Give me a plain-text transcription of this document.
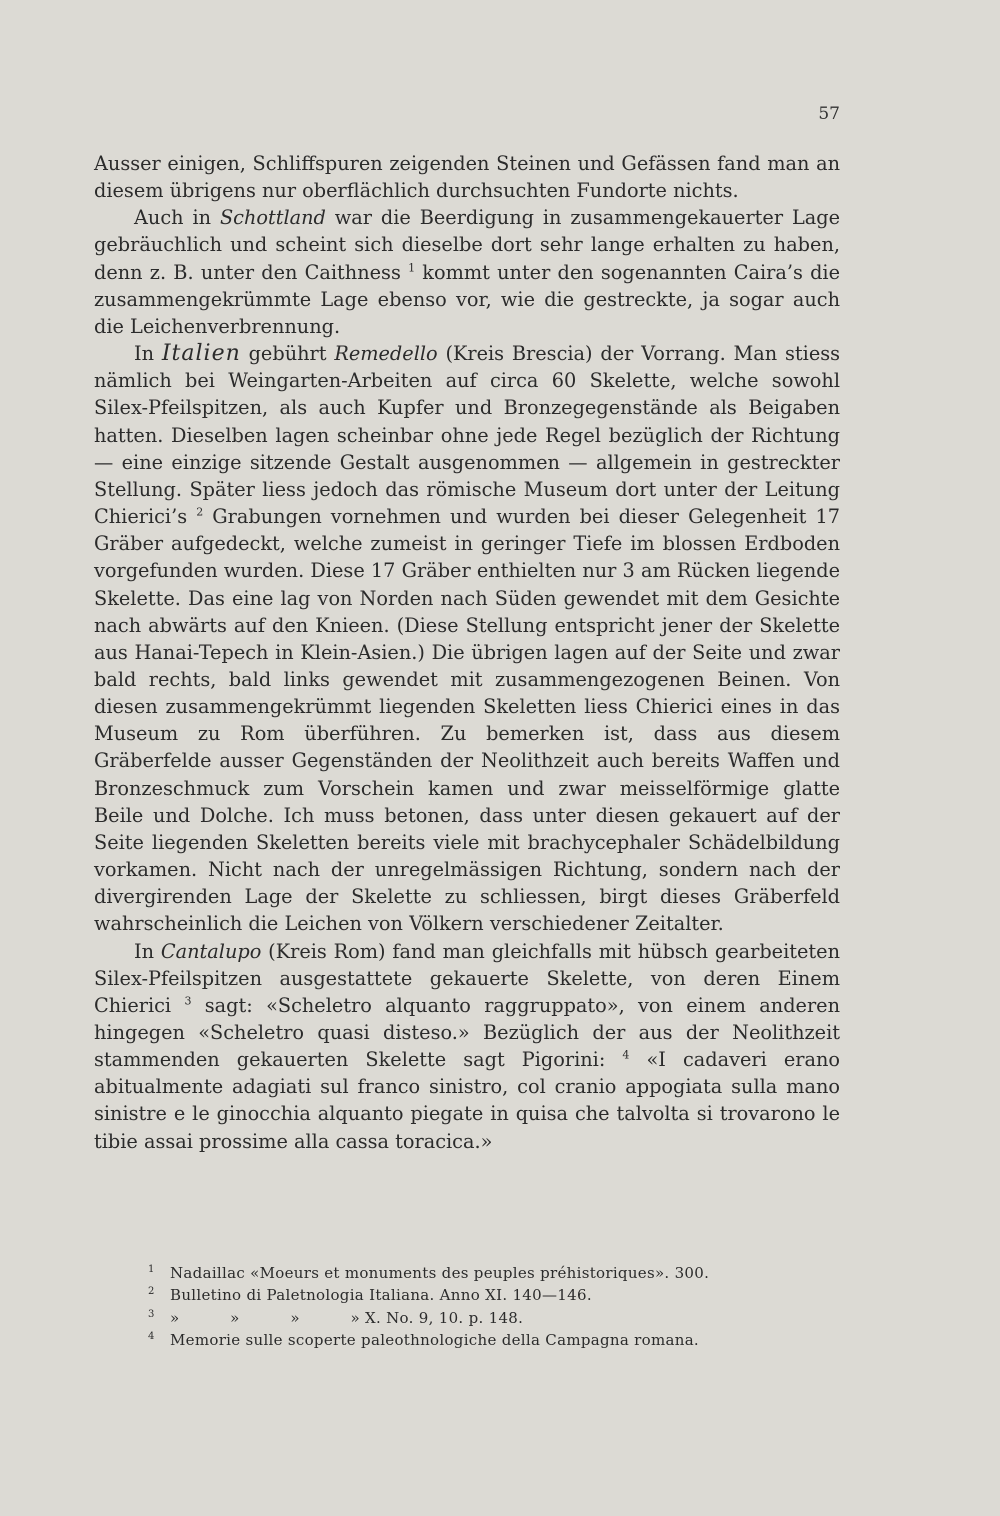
57

Ausser einigen, Schliffspuren zeigenden Steinen und Gefässen fand man an diesem übrigens nur oberflächlich durchsuchten Fundorte nichts.

Auch in Schottland war die Beerdigung in zusammengekauerter Lage gebräuchlich und scheint sich dieselbe dort sehr lange erhalten zu haben, denn z. B. unter den Caithness $^1$ kommt unter den sogenannten Caira’s die zusammengekrümmte Lage ebenso vor, wie die gestreckte, ja sogar auch die Leichenverbrennung.

In Italien gebührt Remedello (Kreis Brescia) der Vorrang. Man stiess nämlich bei Weingarten-Arbeiten auf circa 60 Skelette, welche sowohl Silex-Pfeilspitzen, als auch Kupfer und Bronzegegenstände als Beigaben hatten. Dieselben lagen scheinbar ohne jede Regel bezüglich der Richtung — eine einzige sitzende Gestalt ausgenommen — allgemein in gestreckter Stellung. Später liess jedoch das römische Museum dort unter der Leitung Chierici’s $^2$ Grabungen vornehmen und wurden bei dieser Gelegenheit 17 Gräber aufgedeckt, welche zumeist in geringer Tiefe im blossen Erdboden vorgefunden wurden. Diese 17 Gräber enthielten nur 3 am Rücken liegende Skelette. Das eine lag von Norden nach Süden gewendet mit dem Gesichte nach abwärts auf den Knieen. (Diese Stellung entspricht jener der Skelette aus Hanai-Tepech in Klein-Asien.) Die übrigen lagen auf der Seite und zwar bald rechts, bald links gewendet mit zusammengezogenen Beinen. Von diesen zusammengekrümmt liegenden Skeletten liess Chierici eines in das Museum zu Rom überführen. Zu bemerken ist, dass aus diesem Gräberfelde ausser Gegenständen der Neolithzeit auch bereits Waffen und Bronzeschmuck zum Vorschein kamen und zwar meisselförmige glatte Beile und Dolche. Ich muss betonen, dass unter diesen gekauert auf der Seite liegenden Skeletten bereits viele mit brachycephaler Schädelbildung vorkamen. Nicht nach der unregelmässigen Richtung, sondern nach der divergirenden Lage der Skelette zu schliessen, birgt dieses Gräberfeld wahrscheinlich die Leichen von Völkern verschiedener Zeitalter.

In Cantalupo (Kreis Rom) fand man gleichfalls mit hübsch gearbeiteten Silex-Pfeilspitzen ausgestattete gekauerte Skelette, von deren Einem Chierici $^3$ sagt: «Scheletro alquanto raggruppato», von einem anderen hingegen «Scheletro quasi disteso.» Bezüglich der aus der Neolithzeit stammenden gekauerten Skelette sagt Pigorini: $^4$ «I cadaveri erano abitualmente adagiati sul franco sinistro, col cranio appogiata sulla mano sinistre e le ginocchia alquanto piegate in quisa che talvolta si trovarono le tibie assai prossime alla cassa toracica.»

1 Nadaillac «Moeurs et monuments des peuples préhistoriques». 300.
2 Bulletino di Paletnologia Italiana. Anno XI. 140—146.
3 »          »          »          » X. No. 9, 10. p. 148.
4 Memorie sulle scoperte paleothnologiche della Campagna romana.
